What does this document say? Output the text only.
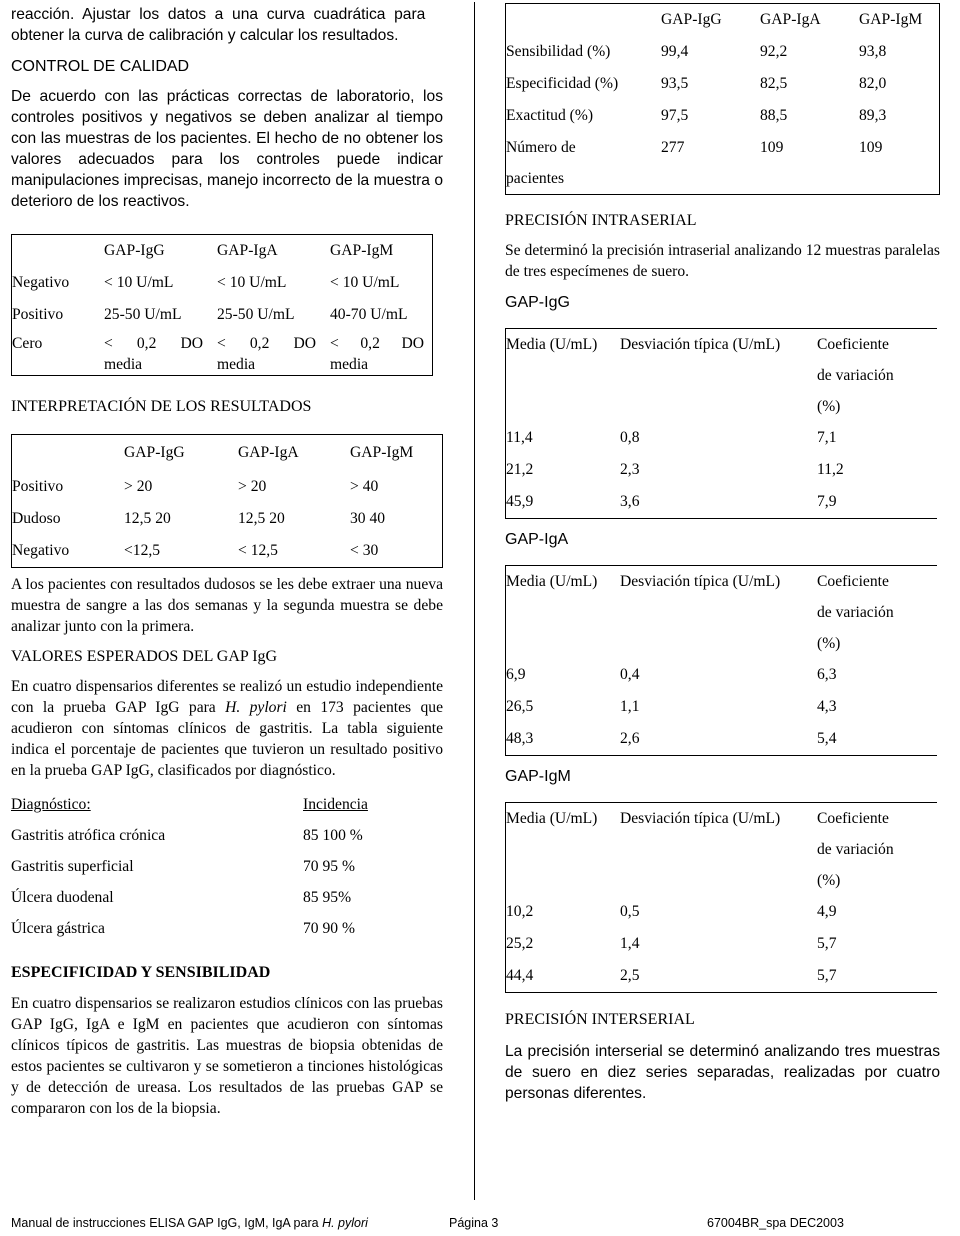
reacción.  Ajustar  los  datos  a  una  curva  cuadrática  para
obtener la curva de calibración y calcular los resultados.
CONTROL DE CALIDAD

De acuerdo con las prácticas correctas de laboratorio, los controles positivos y negativos se deben analizar al tiempo con las muestras de los pacientes. El hecho de no obtener los valores adecuados para los controles puede indicar manipulaciones imprecisas, manejo incorrecto de la muestra o deterioro de los reactivos.

	GAP-IgG	GAP-IgA	GAP-IgM
Negativo	< 10 U/mL	< 10 U/mL	< 10 U/mL
Positivo	25-50 U/mL	25-50 U/mL	40-70 U/mL
Cero	< 0,2 DO media	< 0,2 DO media	< 0,2 DO media
INTERPRETACIÓN DE LOS RESULTADOS
	GAP-IgG	GAP-IgA	GAP-IgM
Positivo	> 20	> 20	> 40
Dudoso	12,5 20	12,5 20	30 40
Negativo	<12,5	< 12,5	< 30

A los pacientes con resultados dudosos se les debe extraer una nueva muestra de sangre a las dos semanas y la segunda muestra se debe analizar junto con la primera.

VALORES ESPERADOS DEL GAP IgG

En cuatro dispensarios diferentes se realizó un estudio independiente con la prueba GAP IgG para H. pylori en 173 pacientes que acudieron con síntomas clínicos de gastritis. La tabla siguiente indica el porcentaje de pacientes que tuvieron un resultado positivo en la prueba GAP IgG, clasificados por diagnóstico.

Diagnóstico:	Incidencia
Gastritis atrófica crónica	85 100 %
Gastritis superficial	70 95 %
Úlcera duodenal	85 95%
Úlcera gástrica	70 90 %
ESPECIFICIDAD Y SENSIBILIDAD

En cuatro dispensarios se realizaron estudios clínicos con las pruebas GAP IgG, IgA e IgM en pacientes que acudieron con síntomas clínicos típicos de gastritis. Las muestras de biopsia obtenidas de estos pacientes se cultivaron y se sometieron a tinciones histológicas y de detección de ureasa. Los resultados de las pruebas GAP se compararon con los de la biopsia.

	GAP-IgG	GAP-IgA	GAP-IgM
Sensibilidad (%)	99,4	92,2	93,8
Especificidad (%)	93,5	82,5	82,0
Exactitud (%)	97,5	88,5	89,3
Número de pacientes	277	109	109
PRECISIÓN INTRASERIAL

Se determinó la precisión intraserial analizando 12 muestras paralelas de tres especímenes de suero.

GAP-IgG
Media (U/mL)	Desviación típica (U/mL)	Coeficiente de variación (%)
11,4	0,8	7,1
21,2	2,3	11,2
45,9	3,6	7,9
GAP-IgA
Media (U/mL)	Desviación típica (U/mL)	Coeficiente de variación (%)
6,9	0,4	6,3
26,5	1,1	4,3
48,3	2,6	5,4
GAP-IgM
Media (U/mL)	Desviación típica (U/mL)	Coeficiente de variación (%)
10,2	0,5	4,9
25,2	1,4	5,7
44,4	2,5	5,7
PRECISIÓN INTERSERIAL

La precisión interserial se determinó analizando tres muestras de suero en diez series separadas, realizadas por cuatro personas diferentes.

Manual de instrucciones ELISA GAP IgG, IgM, IgA para H. pylori	Página 3	67004BR_spa DEC2003
